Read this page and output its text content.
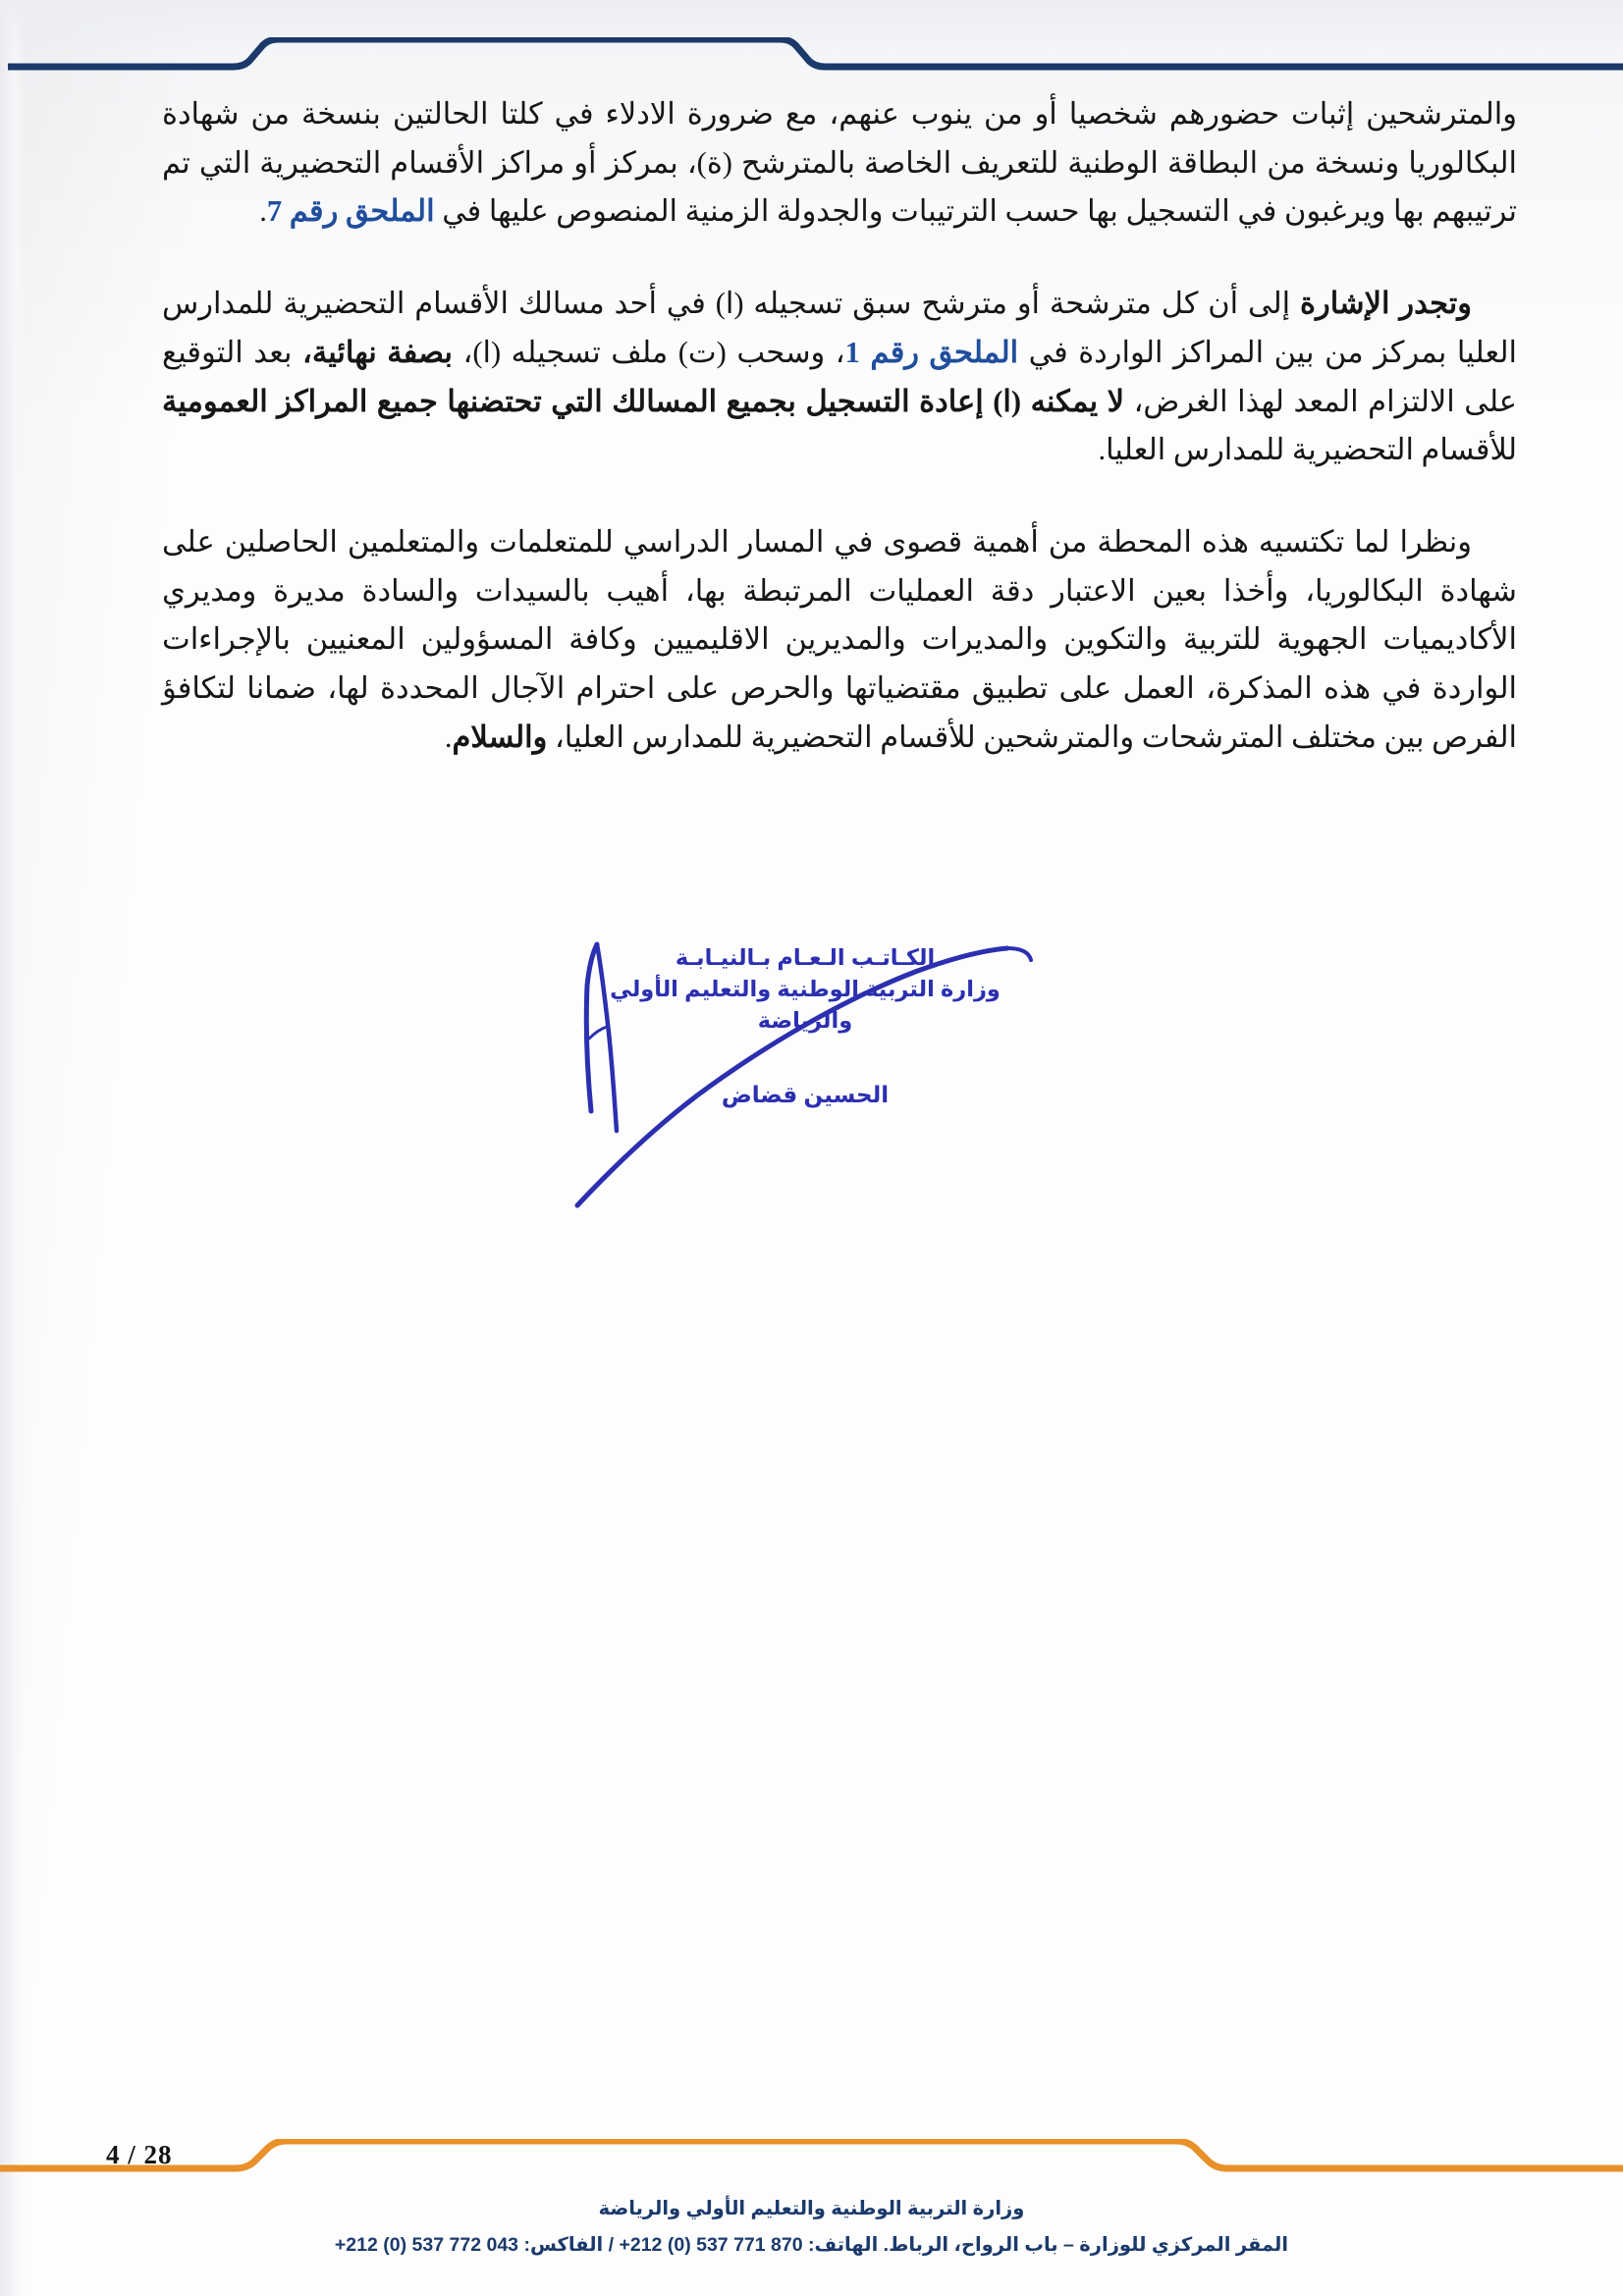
والمترشحين إثبات حضورهم شخصيا أو من ينوب عنهم، مع ضرورة الادلاء في كلتا الحالتين بنسخة من شهادة البكالوريا ونسخة من البطاقة الوطنية للتعريف الخاصة بالمترشح (ة)، بمركز أو مراكز الأقسام التحضيرية التي تم ترتيبهم بها ويرغبون في التسجيل بها حسب الترتيبات والجدولة الزمنية المنصوص عليها في الملحق رقم 7.

وتجدر الإشارة إلى أن كل مترشحة أو مترشح سبق تسجيله (ا) في أحد مسالك الأقسام التحضيرية للمدارس العليا بمركز من بين المراكز الواردة في الملحق رقم 1، وسحب (ت) ملف تسجيله (ا)، بصفة نهائية، بعد التوقيع على الالتزام المعد لهذا الغرض، لا يمكنه (ا) إعادة التسجيل بجميع المسالك التي تحتضنها جميع المراكز العمومية للأقسام التحضيرية للمدارس العليا.

ونظرا لما تكتسيه هذه المحطة من أهمية قصوى في المسار الدراسي للمتعلمات والمتعلمين الحاصلين على شهادة البكالوريا، وأخذا بعين الاعتبار دقة العمليات المرتبطة بها، أهيب بالسيدات والسادة مديرة ومديري الأكاديميات الجهوية للتربية والتكوين والمديرات والمديرين الاقليميين وكافة المسؤولين المعنيين بالإجراءات الواردة في هذه المذكرة، العمل على تطبيق مقتضياتها والحرص على احترام الآجال المحددة لها، ضمانا لتكافؤ الفرص بين مختلف المترشحات والمترشحين للأقسام التحضيرية للمدارس العليا، والسلام.

الكـاتـب الـعـام بـالنيـابـة
وزارة التربية الوطنية والتعليم الأولي
والرياضة
الحسين قضاض
4 / 28
وزارة التربية الوطنية والتعليم الأولي والرياضة
المقر المركزي للوزارة – باب الرواح، الرباط. الهاتف: 870 771 537 (0) 212+ / الفاكس: 043 772 537 (0) 212+
